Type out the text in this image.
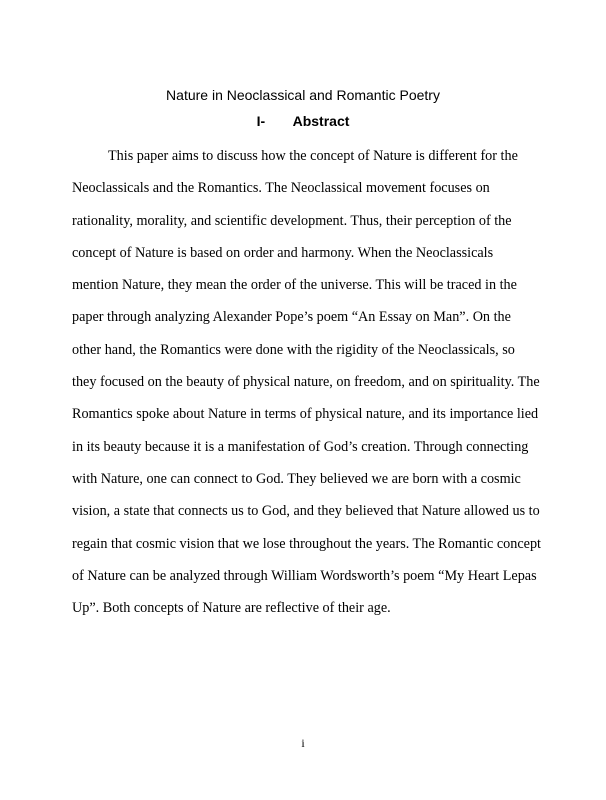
Nature in Neoclassical and Romantic Poetry
I- Abstract

This paper aims to discuss how the concept of Nature is different for the Neoclassicals and the Romantics. The Neoclassical movement focuses on rationality, morality, and scientific development. Thus, their perception of the concept of Nature is based on order and harmony. When the Neoclassicals mention Nature, they mean the order of the universe. This will be traced in the paper through analyzing Alexander Pope’s poem “An Essay on Man”. On the other hand, the Romantics were done with the rigidity of the Neoclassicals, so they focused on the beauty of physical nature, on freedom, and on spirituality. The Romantics spoke about Nature in terms of physical nature, and its importance lied in its beauty because it is a manifestation of God’s creation. Through connecting with Nature, one can connect to God. They believed we are born with a cosmic vision, a state that connects us to God, and they believed that Nature allowed us to regain that cosmic vision that we lose throughout the years. The Romantic concept of Nature can be analyzed through William Wordsworth’s poem “My Heart Lepas Up”. Both concepts of Nature are reflective of their age.

i
